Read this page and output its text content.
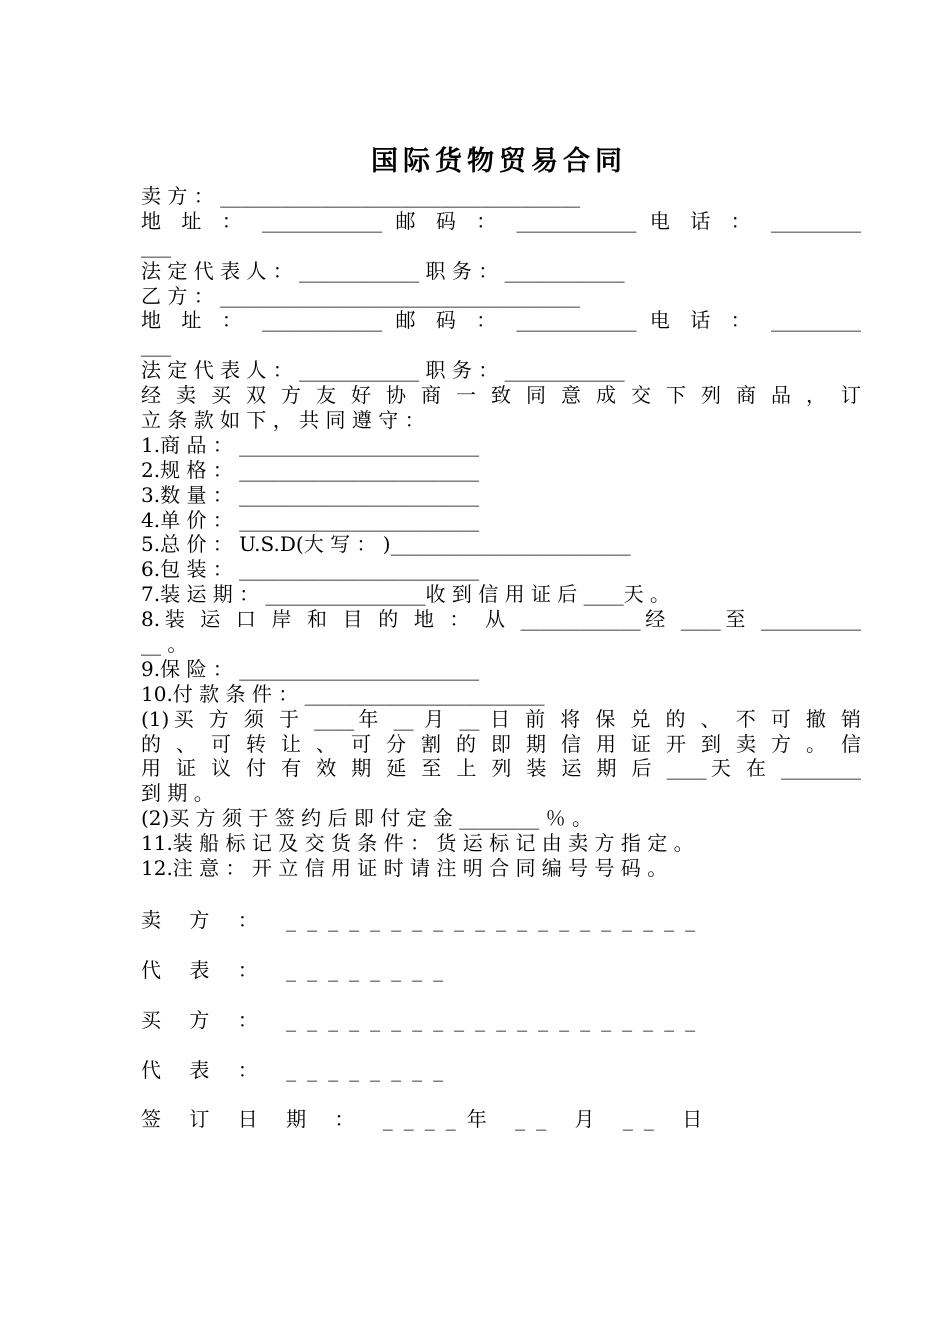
国际货物贸易合同
卖 方 ： ____________________________________
地 址 ： ____________ 邮 码 ： ____________ 电 话 ： _________
___
法 定 代 表 人 ： ____________ 职 务 ： ____________
乙 方 ： ____________________________________
地 址 ： ____________ 邮 码 ： ____________ 电 话 ： _________
___
法 定 代 表 人 ： ____________ 职 务 ： ____________
经 卖 买 双 方 友 好 协 商 一 致 同 意 成 交 下 列 商 品 ， 订
立 条 款 如 下 ， 共 同 遵 守 ：
1.商 品 ： ________________________
2.规 格 ： ________________________
3.数 量 ： ________________________
4.单 价 ： ________________________
5.总 价 ： U.S.D(大 写 ： )________________________
6.包 装 ： ________________________
7.装 运 期 ： ________________收 到 信 用 证 后 ____天 。
8.装 运 口 岸 和 目 的 地 ： 从 ____________经 ____至 __________
__ 。
9.保 险 ： ________________________
10.付 款 条 件 ： ________________________
(1)买 方 须 于 ____年 __ 月 __ 日 前 将 保 兑 的 、 不 可 撤 销
的 、 可 转 让 、 可 分 割 的 即 期 信 用 证 开 到 卖 方 。 信
用 证 议 付 有 效 期 延 至 上 列 装 运 期 后 ____天 在 ________
到 期 。
(2)买 方 须 于 签 约 后 即 付 定 金 ________ ％ 。
11.装 船 标 记 及 交 货 条 件 ： 货 运 标 记 由 卖 方 指 定 。
12.注 意 ： 开 立 信 用 证 时 请 注 明 合 同 编 号 号 码 。
卖 方 ： ____________________
代 表 ： ________
买 方 ： ____________________
代 表 ： ________
签 订 日 期 ： ____年 __ 月 __ 日
